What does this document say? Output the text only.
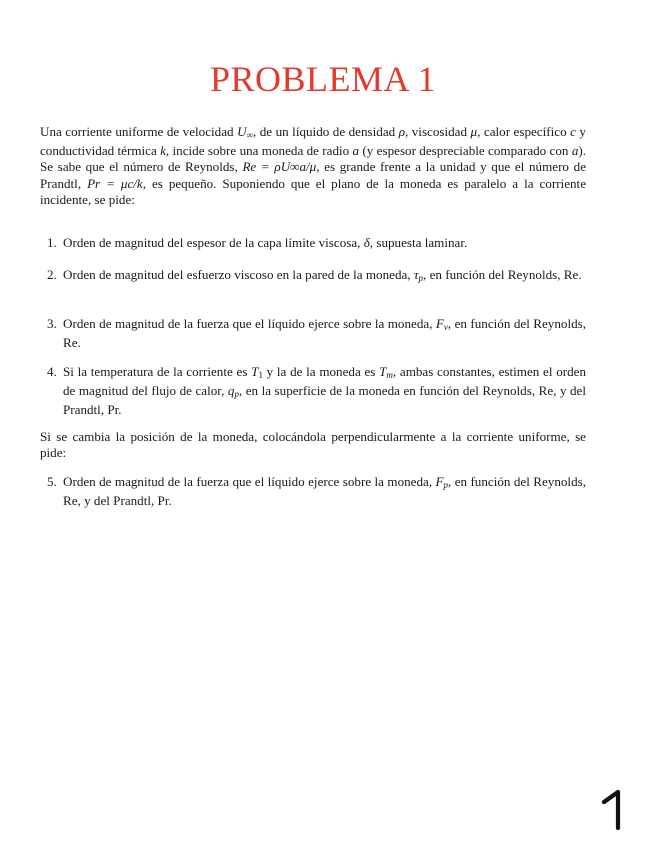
PROBLEMA 1
Una corriente uniforme de velocidad U∞, de un líquido de densidad ρ, viscosidad μ, calor específico c y conductividad térmica k, incide sobre una moneda de radio a (y espesor despreciable comparado con a). Se sabe que el número de Reynolds, Re = ρU∞a/μ, es grande frente a la unidad y que el número de Prandtl, Pr = μc/k, es pequeño. Suponiendo que el plano de la moneda es paralelo a la corriente incidente, se pide:
1. Orden de magnitud del espesor de la capa límite viscosa, δ, supuesta laminar.
2. Orden de magnitud del esfuerzo viscoso en la pared de la moneda, $\tau_p$, en función del Reynolds, Re.
3. Orden de magnitud de la fuerza que el líquido ejerce sobre la moneda, $F_v$, en función del Reynolds, Re.
4. Si la temperatura de la corriente es T1 y la de la moneda es $T_m$, ambas constantes, estimen el orden de magnitud del flujo de calor, $q_p$, en la superficie de la moneda en función del Reynolds, Re, y del Prandtl, Pr.
Si se cambia la posición de la moneda, colocándola perpendicularmente a la corriente uniforme, se pide:
5. Orden de magnitud de la fuerza que el líquido ejerce sobre la moneda, $F_p$, en función del Reynolds, Re, y del Prandtl, Pr.
